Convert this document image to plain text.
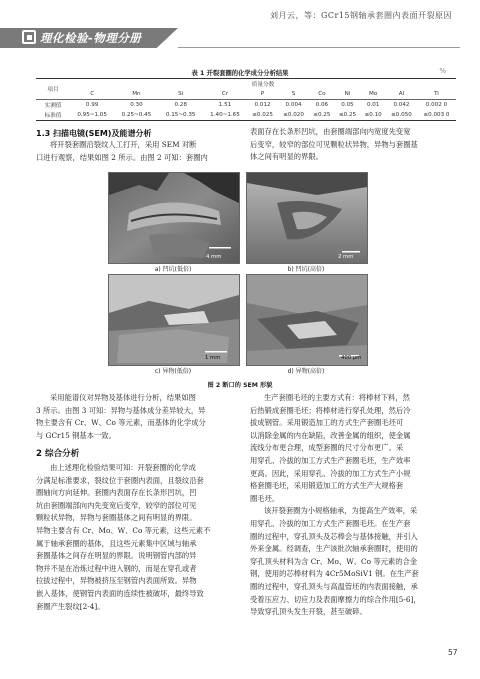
理化检验-物理分册
刘月云，等：GCr15钢轴承套圈内表面开裂原因
表 1 开裂套圈的化学成分分析结果	%
项目	质量分数										
	C	Mn	Si	Cr	P	S	Co	Ni	Mo	Al	Ti
实测值	0.99	0.30	0.28	1.51	0.012	0.004	0.06	0.05	0.01	0.042	0.002 0
标准值	0.95~1.05	0.25~0.45	0.15~0.35	1.40~1.65	≤0.025	≤0.020	≤0.25	≤0.25	≤0.10	≤0.050	≤0.003 0
1.3 扫描电镜(SEM)及能谱分析
将开裂套圈沿裂纹人工打开，采用 SEM 对断
口进行观察，结果如图 2 所示。由图 2 可知：套圈内
表面存在长条形凹坑，由套圈端部向内宽度先变宽
后变窄，较窄的部位可见颗粒状异物，异物与套圈基
体之间有明显的界限。
4 mm
a) 凹坑(低倍)
2 mm
b) 凹坑(高倍)
1 mm
c) 异物(低倍)
400 μm
d) 异物(高倍)
图 2 断口的 SEM 形貌
采用能谱仪对异物及基体进行分析，结果如图
3 所示。由图 3 可知：异物与基体成分差异较大，异
物主要含有 Cr、W、Co 等元素，而基体的化学成分
与 GCr15 钢基本一致。
2 综合分析
由上述理化检验结果可知：开裂套圈的化学成
分满足标准要求，裂纹位于套圈内表面，且裂纹沿套
圈轴向方向延伸。套圈内表面存在长条形凹坑，凹
坑由套圈端部向内先变宽后变窄，较窄的部位可见
颗粒状异物，异物与套圈基体之间有明显的界限。
异物主要含有 Cr、Mo、W、Co 等元素，这些元素不
属于轴承套圈的基体，且这些元素集中区域与轴承
套圈基体之间存在明显的界限。说明钢管内部的异
物并不是在冶炼过程中进入钢的，而是在穿孔或者
拉拔过程中，异物被挤压至钢管内表面所致。异物
嵌入基体，使钢管内表面的连续性被破坏，最终导致
套圈产生裂纹[2-4]。
生产套圈毛坯的主要方式有：将棒材下料，然
后热锻成套圈毛坯；将棒材进行穿孔处理，然后冷
拔成钢管。采用锻造加工的方式生产套圈毛坯可
以消除金属的内在缺陷，改善金属的组织，使金属
流线分布更合理，成型套圈的尺寸分布更广。采
用穿孔、冷拔的加工方式生产套圈毛坯，生产效率
更高。因此，采用穿孔、冷拔的加工方式生产小规
格套圈毛坯，采用锻造加工的方式生产大规格套
圈毛坯。
该开裂套圈为小规格轴承，为提高生产效率，采
用穿孔、冷拔的加工方式生产套圈毛坯。在生产套
圈的过程中，穿孔顶头及芯棒会与基体接触，并引入
外来金属。经调查，生产该批次轴承套圈时，使用的
穿孔顶头材料为含 Cr、Mo、W、Co 等元素的合金
钢，使用的芯棒材料为 4Cr5MoSiV1 钢。在生产套
圈的过程中，穿孔顶头与高温管坯的内表面接触，承
受着压应力、切应力及表面摩擦力的综合作用[5-6]，
导致穿孔顶头发生开裂，甚至破碎。
57
